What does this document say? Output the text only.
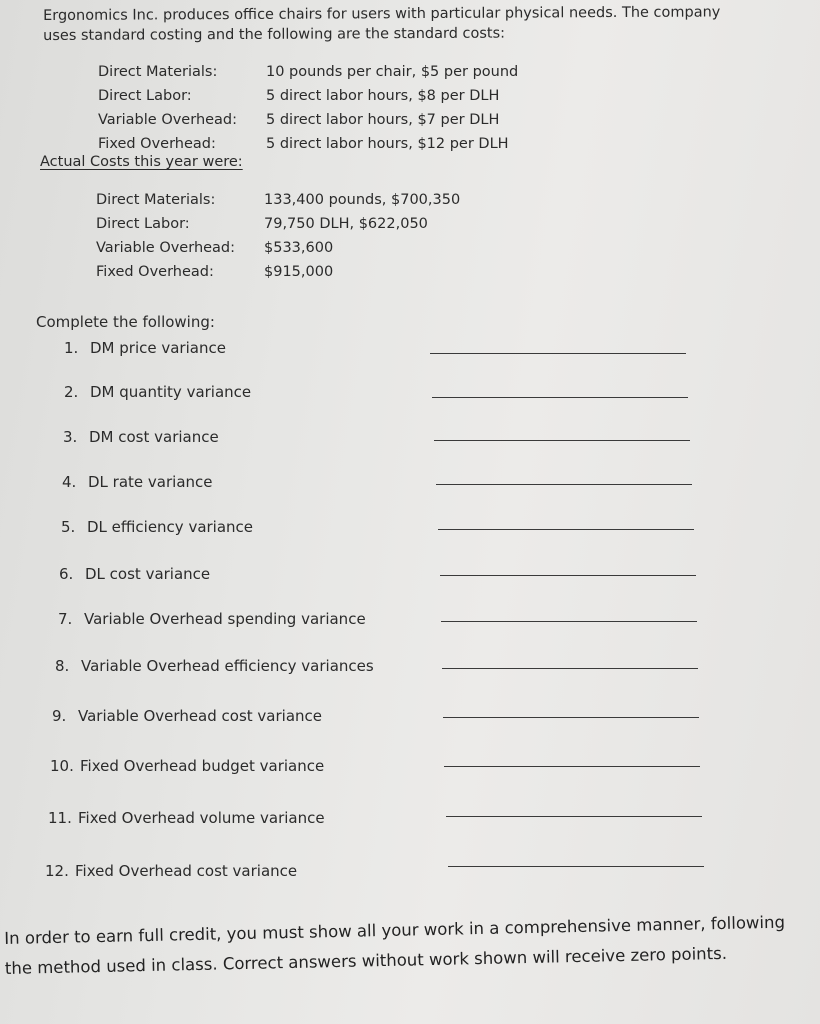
Ergonomics Inc. produces office chairs for users with particular physical needs. The company
uses standard costing and the following are the standard costs:
Direct Materials:	10 pounds per chair, $5 per pound
Direct Labor:	5 direct labor hours, $8 per DLH
Variable Overhead: 5 direct labor hours, $7 per DLH
Fixed Overhead:	5 direct labor hours, $12 per DLH
Actual Costs this year were:
Direct Materials:	133,400 pounds, $700,350
Direct Labor:	79,750 DLH, $622,050
Variable Overhead: $533,600
Fixed Overhead:	$915,000
Complete the following:
1. DM price variance
2. DM quantity variance
3. DM cost variance
4. DL rate variance
5. DL efficiency variance
6. DL cost variance
7. Variable Overhead spending variance
8. Variable Overhead efficiency variances
9. Variable Overhead cost variance
10. Fixed Overhead budget variance
11. Fixed Overhead volume variance
12. Fixed Overhead cost variance
In order to earn full credit, you must show all your work in a comprehensive manner, following
the method used in class. Correct answers without work shown will receive zero points.
